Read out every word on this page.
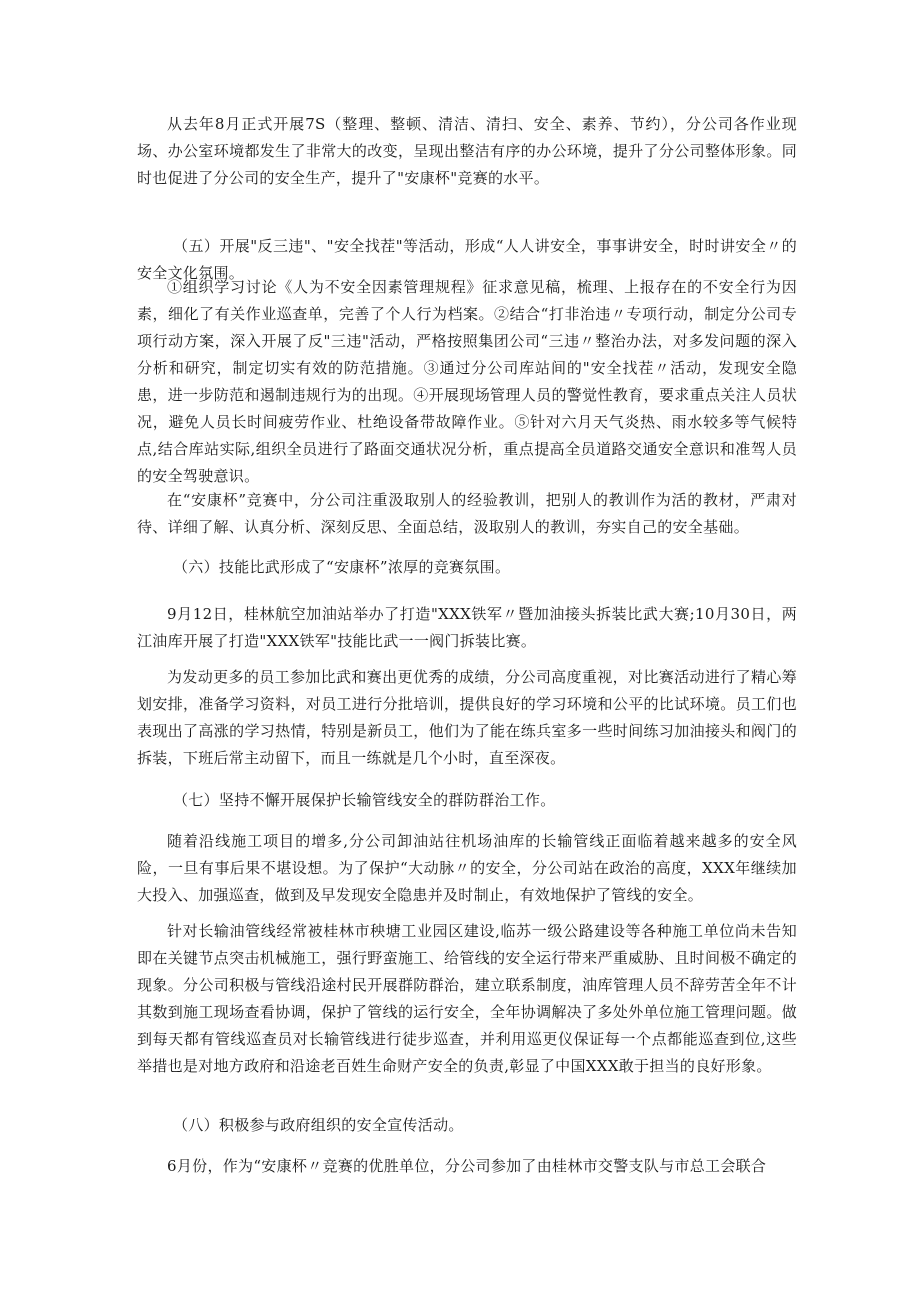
从去年8月正式开展7S（整理、整顿、清洁、清扫、安全、素养、节约），分公司各作业现场、办公室环境都发生了非常大的改变，呈现出整洁有序的办公环境，提升了分公司整体形象。同时也促进了分公司的安全生产，提升了"安康杯"竞赛的水平。

（五）开展"反三违"、"安全找茬"等活动，形成“人人讲安全，事事讲安全，时时讲安全〃的安全文化氛围。

①组织学习讨论《人为不安全因素管理规程》征求意见稿，梳理、上报存在的不安全行为因素，细化了有关作业巡查单，完善了个人行为档案。②结合“打非治违〃专项行动，制定分公司专项行动方案，深入开展了反"三违"活动，严格按照集团公司“三违〃整治办法，对多发问题的深入分析和研究，制定切实有效的防范措施。③通过分公司库站间的"安全找茬〃活动，发现安全隐患，进一步防范和遏制违规行为的出现。④开展现场管理人员的警觉性教育，要求重点关注人员状况，避免人员长时间疲劳作业、杜绝设备带故障作业。⑤针对六月天气炎热、雨水较多等气候特点,结合库站实际,组织全员进行了路面交通状况分析，重点提高全员道路交通安全意识和准驾人员的安全驾驶意识。

在“安康杯”竞赛中，分公司注重汲取别人的经验教训，把别人的教训作为活的教材，严肃对待、详细了解、认真分析、深刻反思、全面总结，汲取别人的教训，夯实自己的安全基础。

（六）技能比武形成了“安康杯”浓厚的竞赛氛围。

9月12日，桂林航空加油站举办了打造"XXX铁军〃暨加油接头拆装比武大赛;10月30日，两江油库开展了打造"XXX铁军"技能比武一一阀门拆装比赛。

为发动更多的员工参加比武和赛出更优秀的成绩，分公司高度重视，对比赛活动进行了精心筹划安排，准备学习资料，对员工进行分批培训，提供良好的学习环境和公平的比试环境。员工们也表现出了高涨的学习热情，特别是新员工，他们为了能在练兵室多一些时间练习加油接头和阀门的拆装，下班后常主动留下，而且一练就是几个小时，直至深夜。

（七）坚持不懈开展保护长输管线安全的群防群治工作。

随着沿线施工项目的增多,分公司卸油站往机场油库的长输管线正面临着越来越多的安全风险，一旦有事后果不堪设想。为了保护“大动脉〃的安全，分公司站在政治的高度，XXX年继续加大投入、加强巡查，做到及早发现安全隐患并及时制止，有效地保护了管线的安全。

针对长输油管线经常被桂林市秧塘工业园区建设,临苏一级公路建设等各种施工单位尚未告知即在关键节点突击机械施工，强行野蛮施工、给管线的安全运行带来严重威胁、且时间极不确定的现象。分公司积极与管线沿途村民开展群防群治，建立联系制度，油库管理人员不辞劳苦全年不计其数到施工现场查看协调，保护了管线的运行安全，全年协调解决了多处外单位施工管理问题。做到每天都有管线巡查员对长输管线进行徒步巡查，并利用巡更仪保证每一个点都能巡查到位,这些举措也是对地方政府和沿途老百姓生命财产安全的负责,彰显了中国XXX敢于担当的良好形象。

（八）积极参与政府组织的安全宣传活动。

6月份，作为“安康杯〃竞赛的优胜单位，分公司参加了由桂林市交警支队与市总工会联合
